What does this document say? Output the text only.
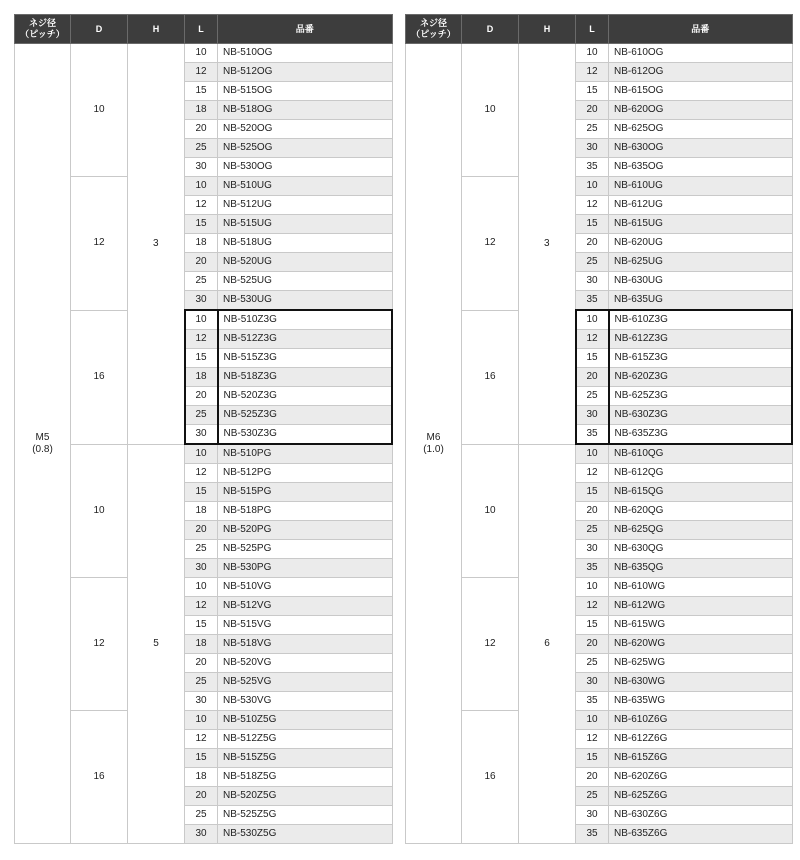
ネジ径
（ピッチ）	D	H	L	品番

M5
(0.8)	10	3	10	NB-510OG
			12	NB-512OG
			15	NB-515OG
			18	NB-518OG
			20	NB-520OG
			25	NB-525OG
			30	NB-530OG
	12		10	NB-510UG
			12	NB-512UG
			15	NB-515UG
			18	NB-518UG
			20	NB-520UG
			25	NB-525UG
			30	NB-530UG
	16		10	NB-510Z3G
			12	NB-512Z3G
			15	NB-515Z3G
			18	NB-518Z3G
			20	NB-520Z3G
			25	NB-525Z3G
			30	NB-530Z3G
	10	5	10	NB-510PG
			12	NB-512PG
			15	NB-515PG
			18	NB-518PG
			20	NB-520PG
			25	NB-525PG
			30	NB-530PG
	12		10	NB-510VG
			12	NB-512VG
			15	NB-515VG
			18	NB-518VG
			20	NB-520VG
			25	NB-525VG
			30	NB-530VG
	16		10	NB-510Z5G
			12	NB-512Z5G
			15	NB-515Z5G
			18	NB-518Z5G
			20	NB-520Z5G
			25	NB-525Z5G
			30	NB-530Z5G
ネジ径
（ピッチ）	D	H	L	品番

M6
(1.0)	10	3	10	NB-610OG
			12	NB-612OG
			15	NB-615OG
			20	NB-620OG
			25	NB-625OG
			30	NB-630OG
			35	NB-635OG
	12		10	NB-610UG
			12	NB-612UG
			15	NB-615UG
			20	NB-620UG
			25	NB-625UG
			30	NB-630UG
			35	NB-635UG
	16		10	NB-610Z3G
			12	NB-612Z3G
			15	NB-615Z3G
			20	NB-620Z3G
			25	NB-625Z3G
			30	NB-630Z3G
			35	NB-635Z3G
	10	6	10	NB-610QG
			12	NB-612QG
			15	NB-615QG
			20	NB-620QG
			25	NB-625QG
			30	NB-630QG
			35	NB-635QG
	12		10	NB-610WG
			12	NB-612WG
			15	NB-615WG
			20	NB-620WG
			25	NB-625WG
			30	NB-630WG
			35	NB-635WG
	16		10	NB-610Z6G
			12	NB-612Z6G
			15	NB-615Z6G
			20	NB-620Z6G
			25	NB-625Z6G
			30	NB-630Z6G
			35	NB-635Z6G
